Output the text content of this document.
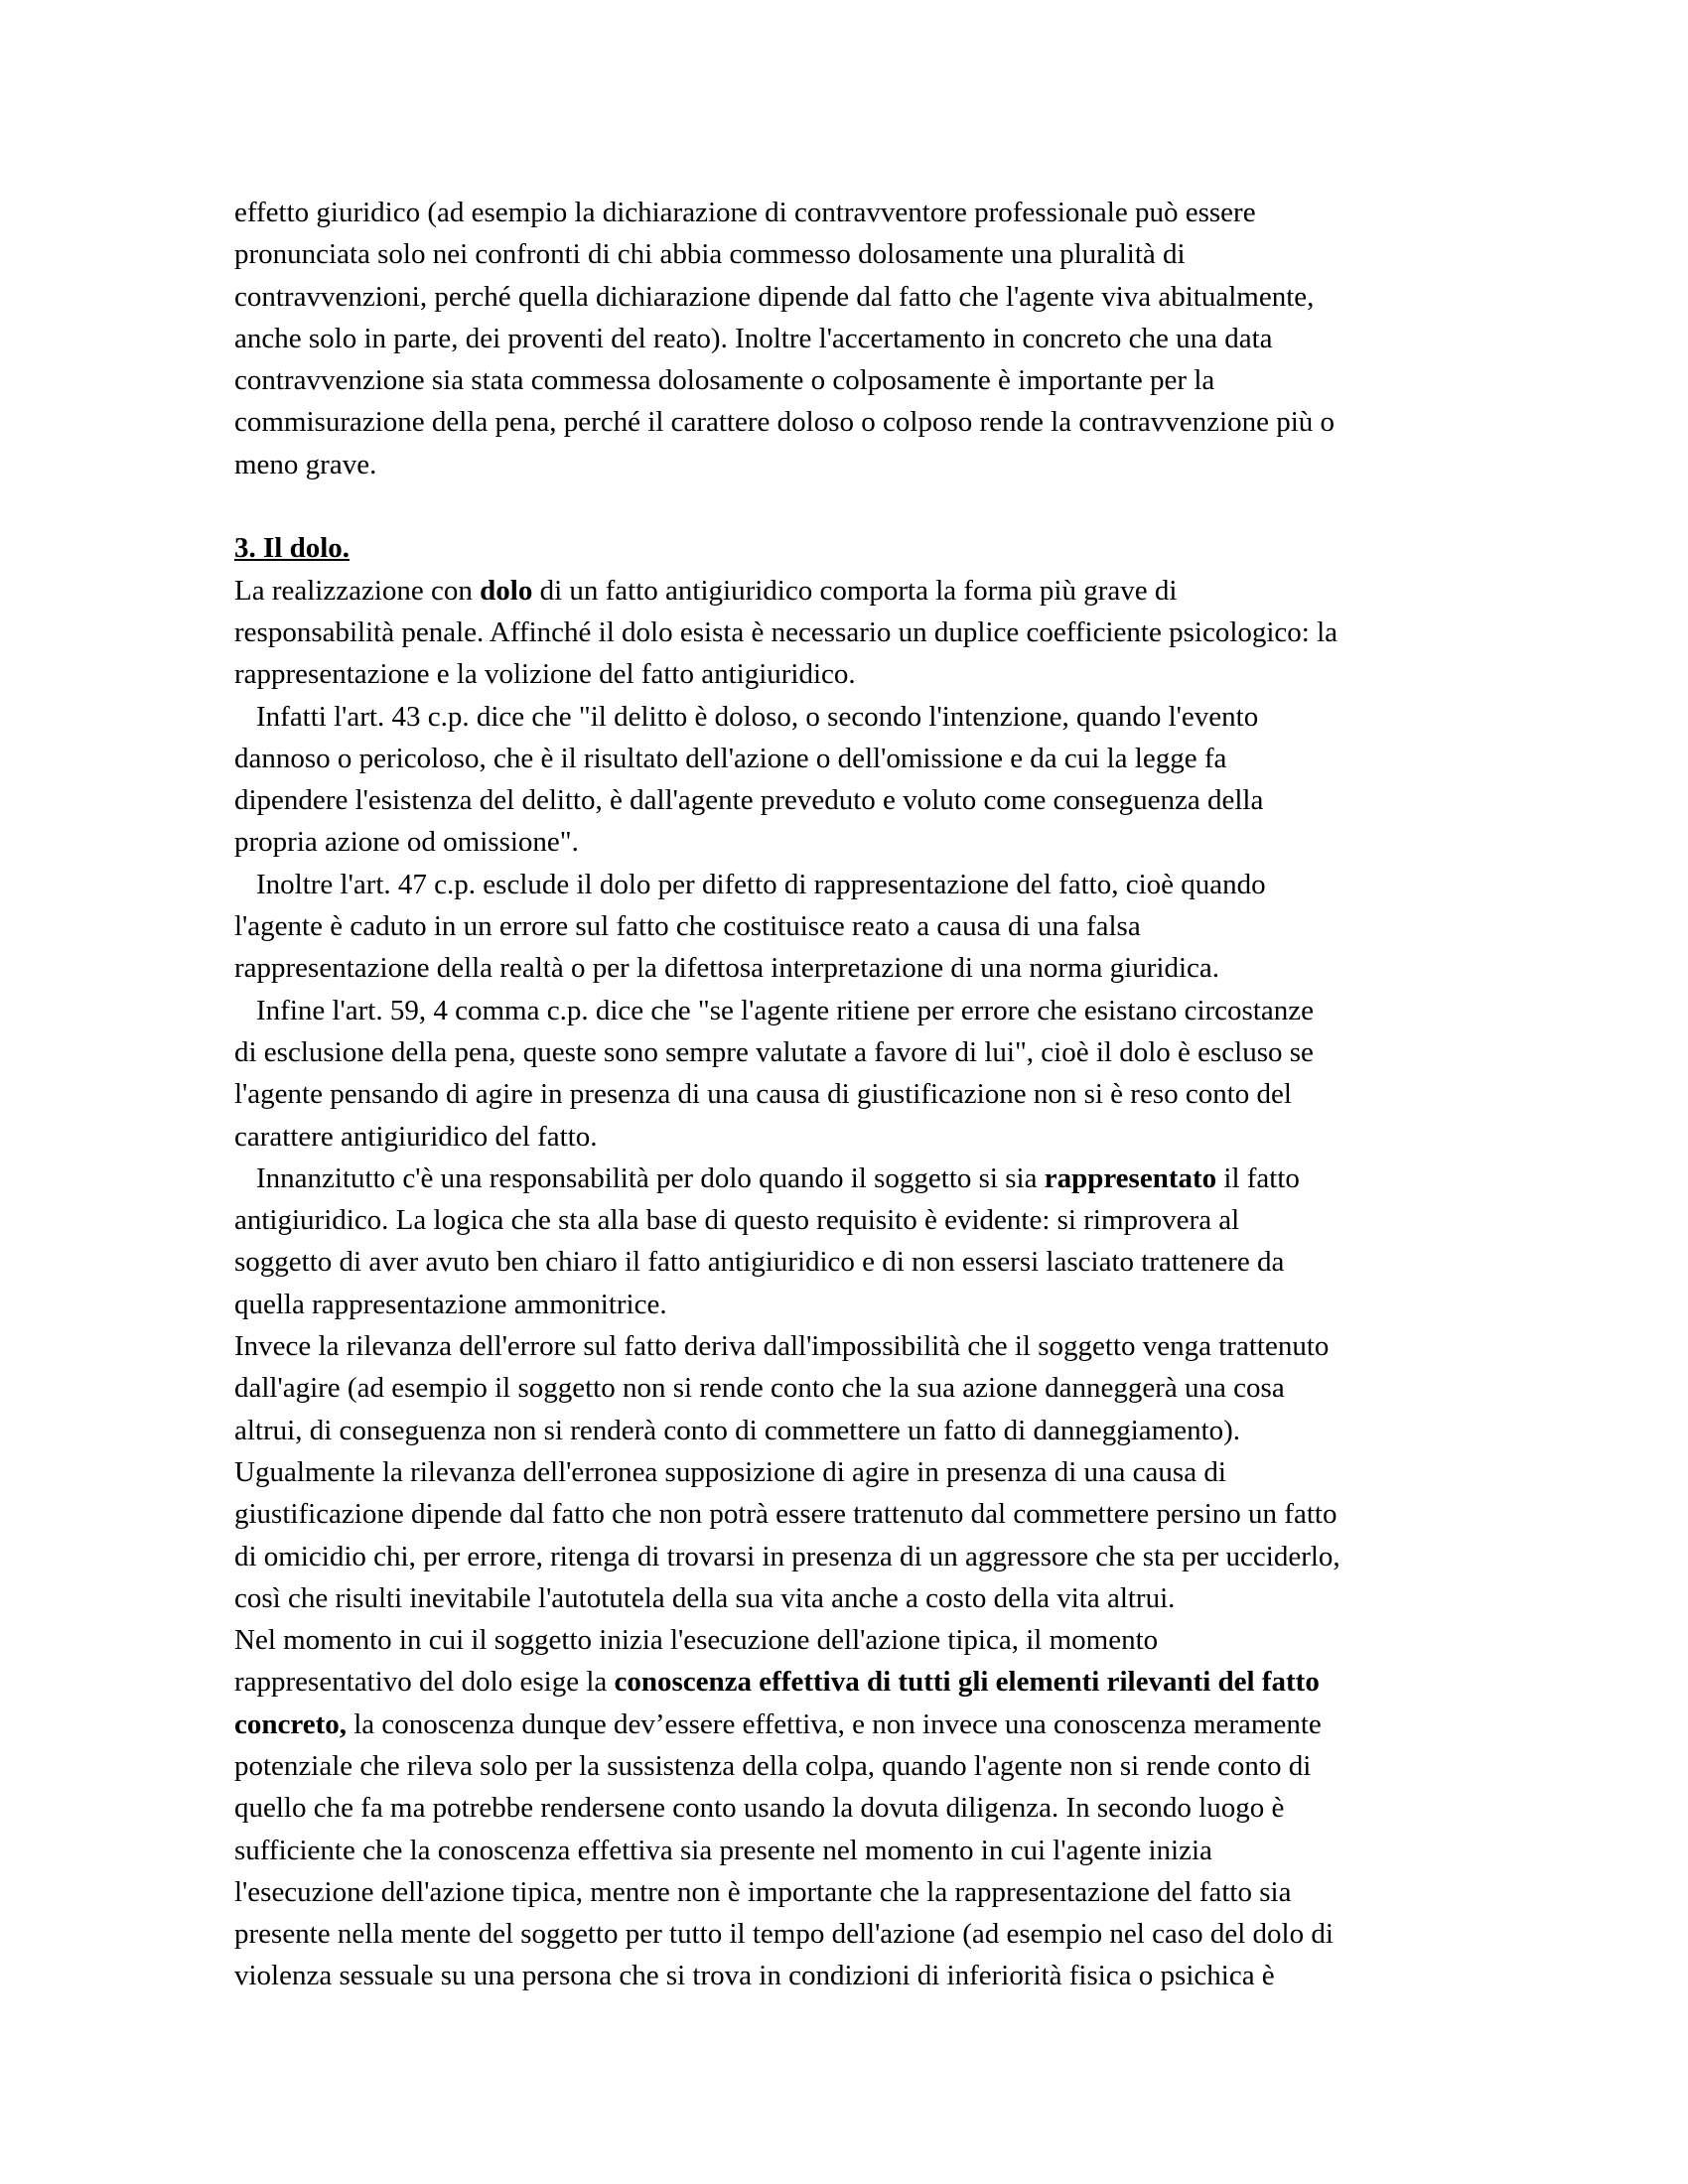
effetto giuridico (ad esempio la dichiarazione di contravventore professionale può essere
pronunciata solo nei confronti di chi abbia commesso dolosamente una pluralità di
contravvenzioni, perché quella dichiarazione dipende dal fatto che l'agente viva abitualmente,
anche solo in parte, dei proventi del reato). Inoltre l'accertamento in concreto che una data
contravvenzione sia stata commessa dolosamente o colposamente è importante per la
commisurazione della pena, perché il carattere doloso o colposo rende la contravvenzione più o
meno grave.
3. Il dolo.
La realizzazione con dolo di un fatto antigiuridico comporta la forma più grave di
responsabilità penale. Affinché il dolo esista è necessario un duplice coefficiente psicologico: la
rappresentazione e la volizione del fatto antigiuridico.
Infatti l'art. 43 c.p. dice che "il delitto è doloso, o secondo l'intenzione, quando l'evento
dannoso o pericoloso, che è il risultato dell'azione o dell'omissione e da cui la legge fa
dipendere l'esistenza del delitto, è dall'agente preveduto e voluto come conseguenza della
propria azione od omissione".
Inoltre l'art. 47 c.p. esclude il dolo per difetto di rappresentazione del fatto, cioè quando
l'agente è caduto in un errore sul fatto che costituisce reato a causa di una falsa
rappresentazione della realtà o per la difettosa interpretazione di una norma giuridica.
Infine l'art. 59, 4 comma c.p. dice che "se l'agente ritiene per errore che esistano circostanze
di esclusione della pena, queste sono sempre valutate a favore di lui", cioè il dolo è escluso se
l'agente pensando di agire in presenza di una causa di giustificazione non si è reso conto del
carattere antigiuridico del fatto.
Innanzitutto c'è una responsabilità per dolo quando il soggetto si sia rappresentato il fatto
antigiuridico. La logica che sta alla base di questo requisito è evidente: si rimprovera al
soggetto di aver avuto ben chiaro il fatto antigiuridico e di non essersi lasciato trattenere da
quella rappresentazione ammonitrice.
Invece la rilevanza dell'errore sul fatto deriva dall'impossibilità che il soggetto venga trattenuto
dall'agire (ad esempio il soggetto non si rende conto che la sua azione danneggerà una cosa
altrui, di conseguenza non si renderà conto di commettere un fatto di danneggiamento).
Ugualmente la rilevanza dell'erronea supposizione di agire in presenza di una causa di
giustificazione dipende dal fatto che non potrà essere trattenuto dal commettere persino un fatto
di omicidio chi, per errore, ritenga di trovarsi in presenza di un aggressore che sta per ucciderlo,
così che risulti inevitabile l'autotutela della sua vita anche a costo della vita altrui.
Nel momento in cui il soggetto inizia l'esecuzione dell'azione tipica, il momento
rappresentativo del dolo esige la conoscenza effettiva di tutti gli elementi rilevanti del fatto
concreto, la conoscenza dunque dev’essere effettiva, e non invece una conoscenza meramente
potenziale che rileva solo per la sussistenza della colpa, quando l'agente non si rende conto di
quello che fa ma potrebbe rendersene conto usando la dovuta diligenza. In secondo luogo è
sufficiente che la conoscenza effettiva sia presente nel momento in cui l'agente inizia
l'esecuzione dell'azione tipica, mentre non è importante che la rappresentazione del fatto sia
presente nella mente del soggetto per tutto il tempo dell'azione (ad esempio nel caso del dolo di
violenza sessuale su una persona che si trova in condizioni di inferiorità fisica o psichica è
